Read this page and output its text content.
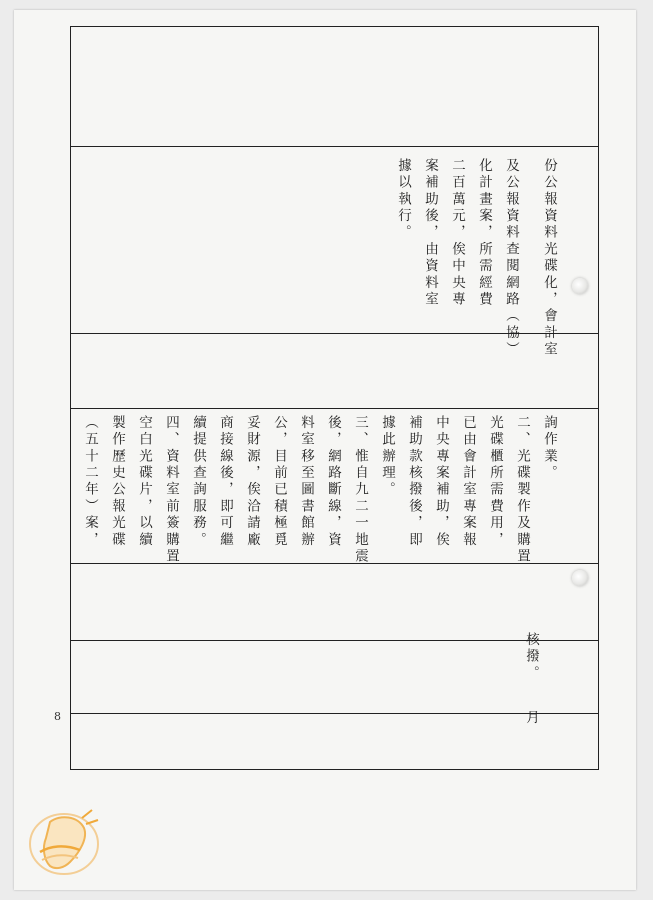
份公報資料光碟化，會計室
及公報資料查閱網路（協）
化計畫案，所需經費
二百萬元，俟中央專
案補助後，由資料室
據以執行。
詢作業。
二、光碟製作及購置
光碟櫃所需費用，
已由會計室專案報
中央專案補助，俟
補助款核撥後，即
據此辦理。
三、惟自九二一地震
後，網路斷線，資
料室移至圖書館辦
公，目前已積極覓
妥財源，俟洽請廠
商接線後，即可繼
續提供查詢服務。
四、資料室前簽購置
空白光碟片，以續
製作歷史公報光碟
（五十二年）案，
核撥。
月
8
